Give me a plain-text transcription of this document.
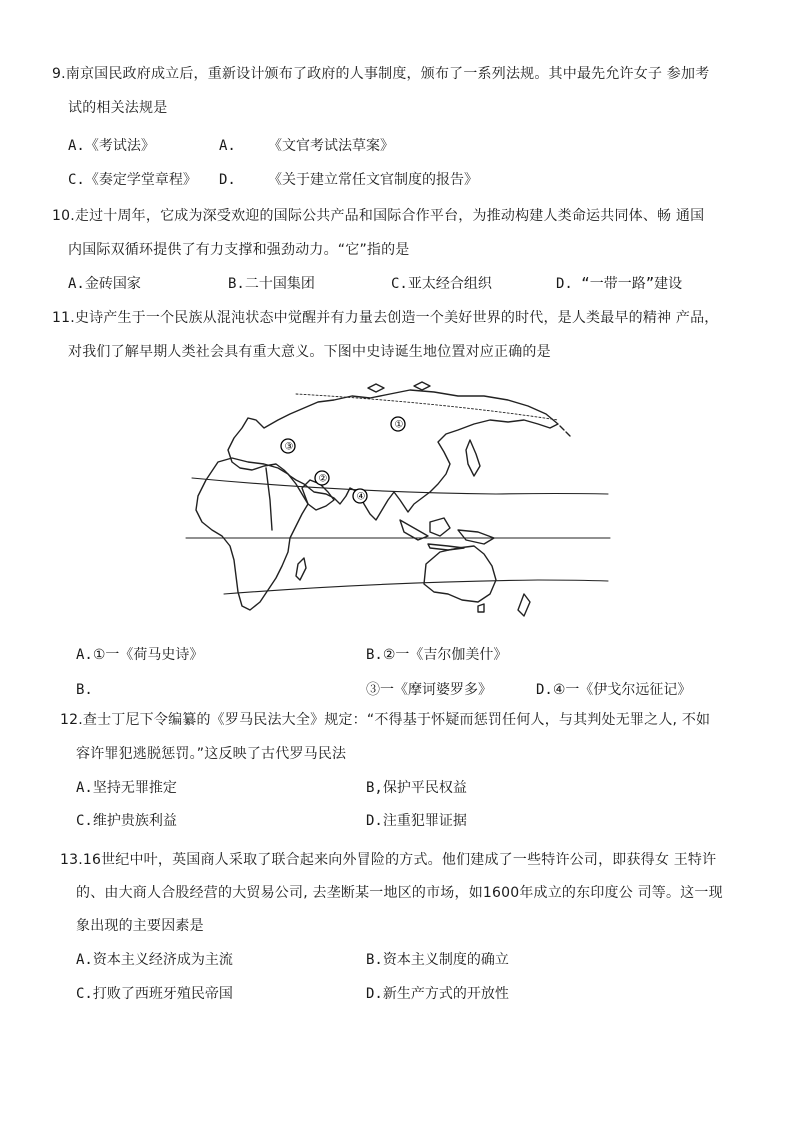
9.南京国民政府成立后，重新设计颁布了政府的人事制度，颁布了一系列法规。其中最先允许女子 参加考
试的相关法规是
A.《考试法》	A. 《文官考试法草案》
C.《奏定学堂章程》 D. 《关于建立常任文官制度的报告》
10.走过十周年，它成为深受欢迎的国际公共产品和国际合作平台，为推动构建人类命运共同体、畅 通国
内国际双循环提供了有力支撑和强劲动力。“它”指的是
A.金砖国家	B.二十国集团	C.亚太经合组织	D. “一带一路”建设
11.史诗产生于一个民族从混沌状态中觉醒并有力量去创造一个美好世界的时代，是人类最早的精神 产品，
对我们了解早期人类社会具有重大意义。下图中史诗诞生地位置对应正确的是
①
②
③
④
A.①一《荷马史诗》	B.②一《吉尔伽美什》
B.	③一《摩诃婆罗多》	D.④一《伊戈尔远征记》
12.查士丁尼下令编纂的《罗马民法大全》规定：“不得基于怀疑而惩罚任何人，与其判处无罪之人, 不如
容许罪犯逃脱惩罚。”这反映了古代罗马民法
A.坚持无罪推定	B,保护平民权益
C.维护贵族利益	D.注重犯罪证据
13.16世纪中叶，英国商人采取了联合起来向外冒险的方式。他们建成了一些特许公司，即获得女 王特许
的、由大商人合股经营的大贸易公司, 去垄断某一地区的市场，如1600年成立的东印度公 司等。这一现
象出现的主要因素是
A.资本主义经济成为主流	B.资本主义制度的确立
C.打败了西班牙殖民帝国	D.新生产方式的开放性
